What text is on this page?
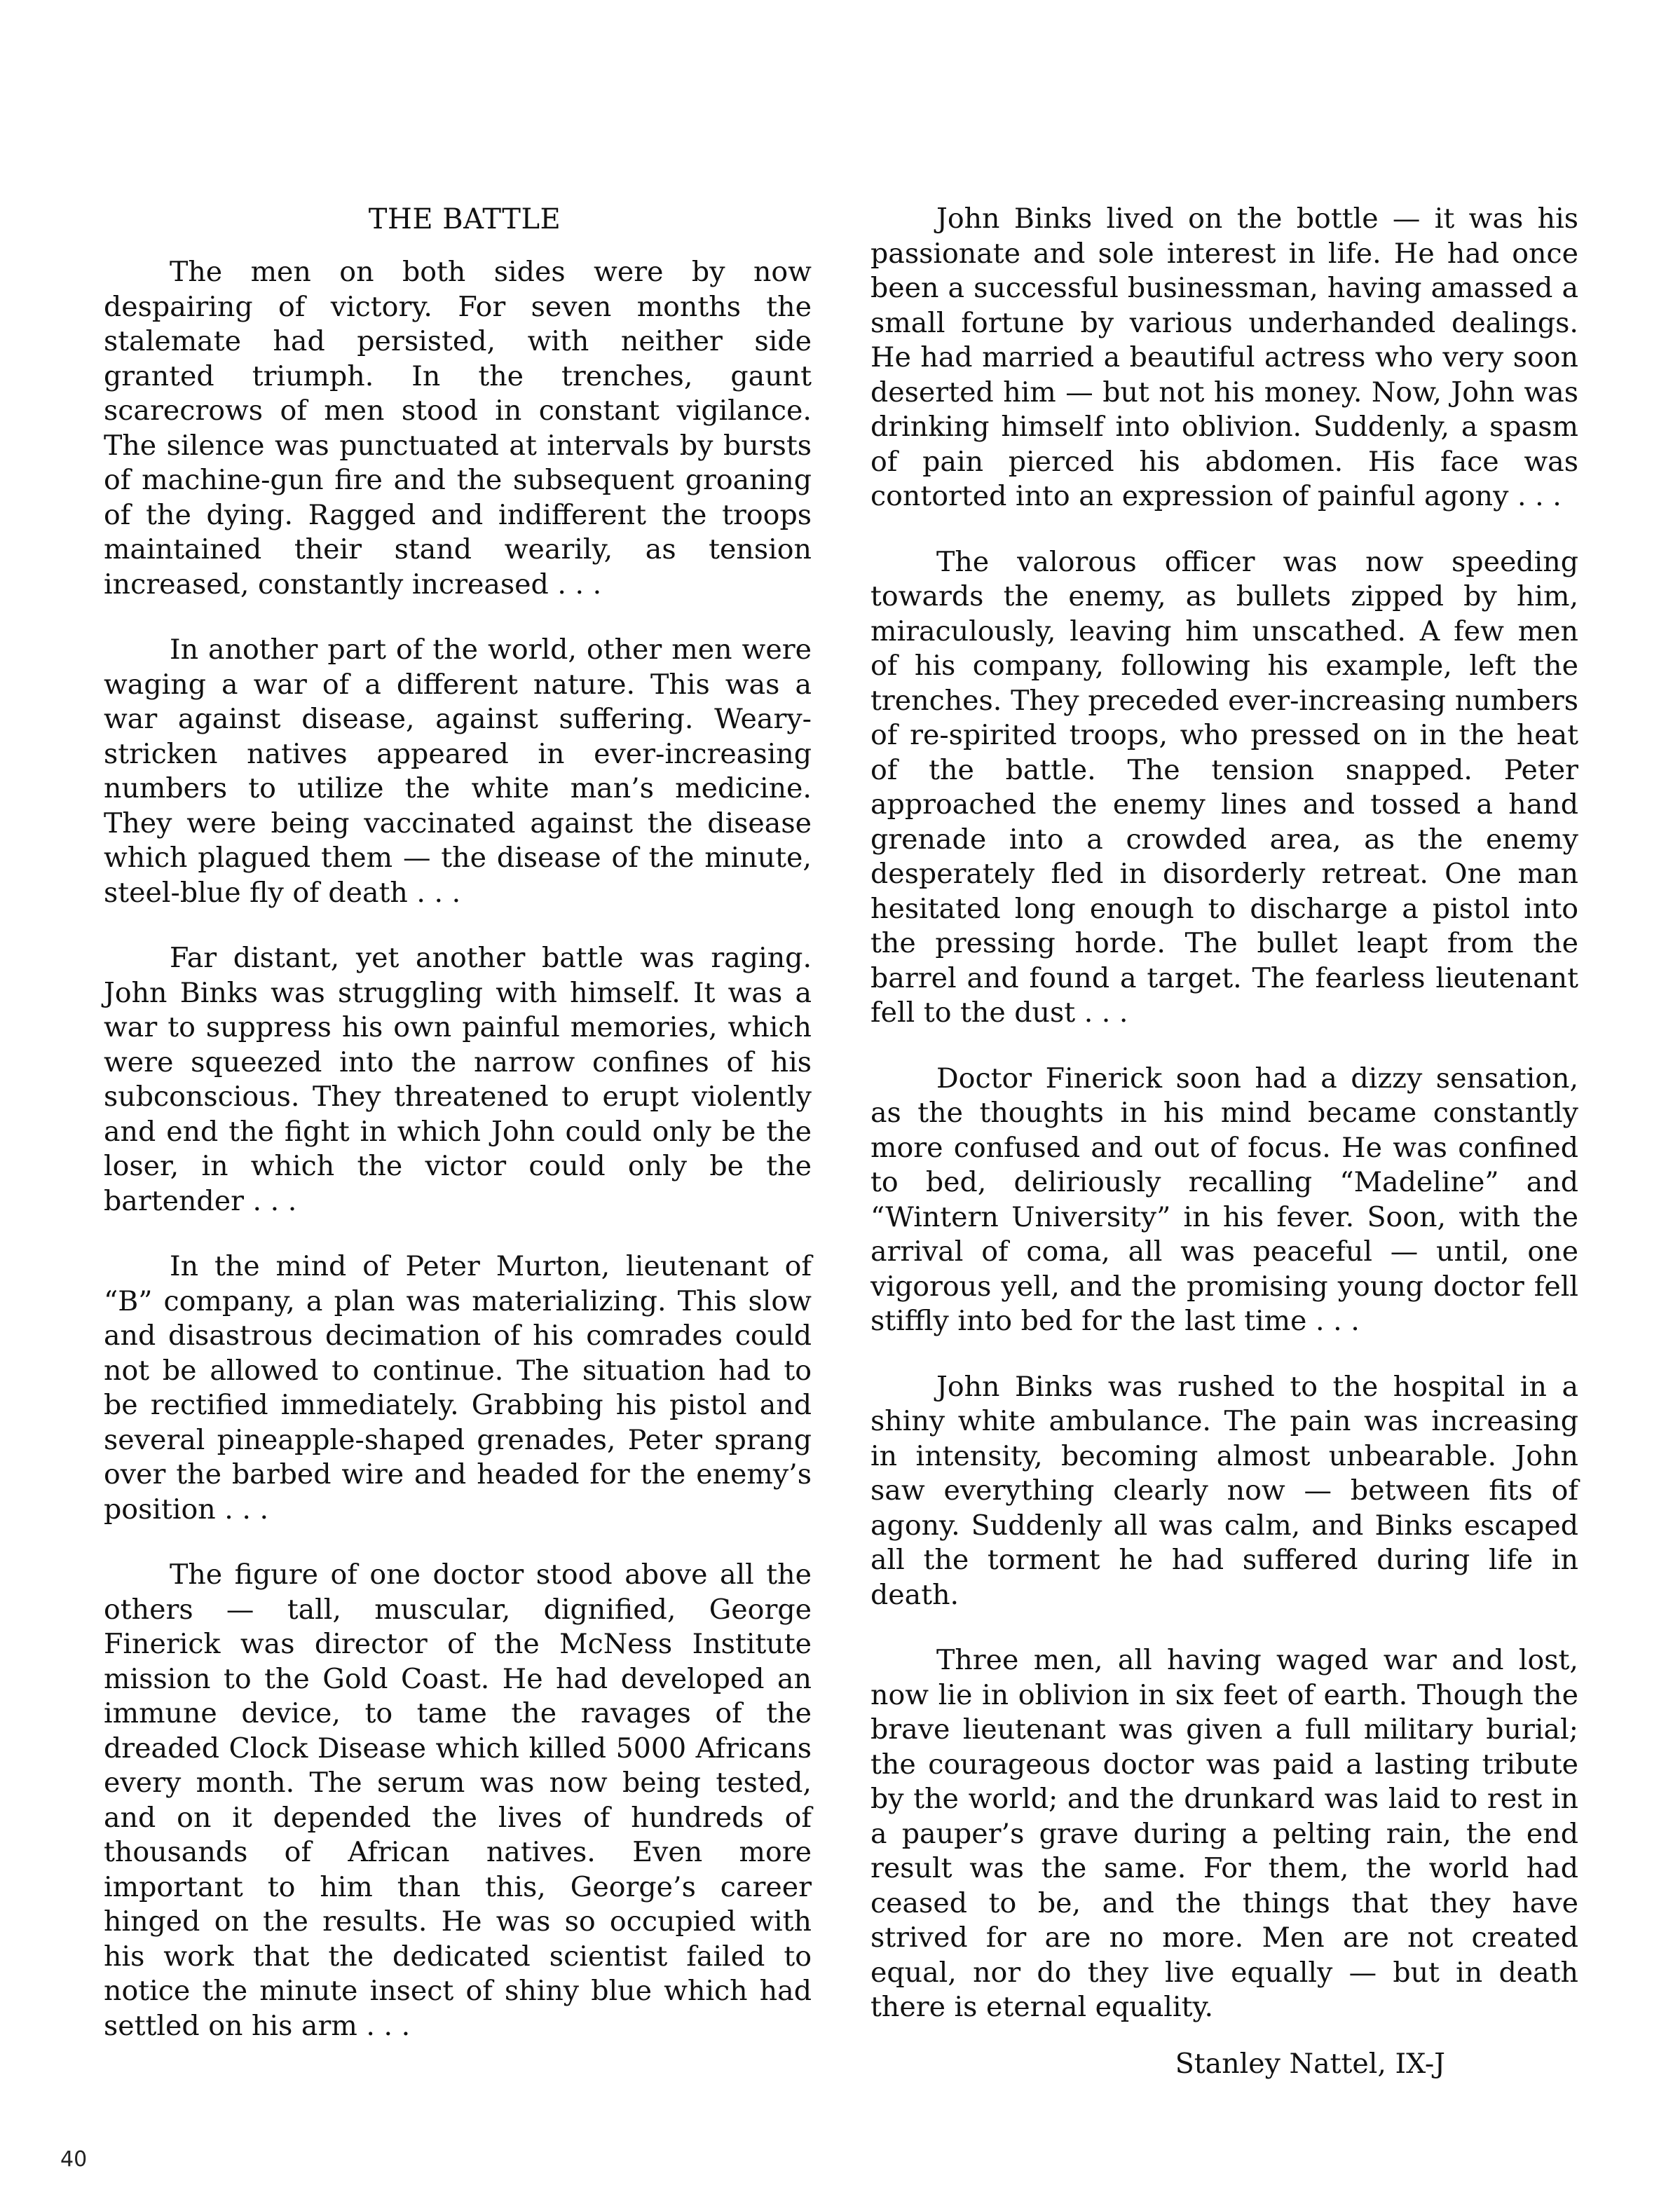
THE BATTLE

The men on both sides were by now despairing of victory. For seven months the stalemate had persisted, with neither side granted triumph. In the trenches, gaunt scarecrows of men stood in constant vigilance. The silence was punctuated at intervals by bursts of machine-gun fire and the subsequent groaning of the dying. Ragged and indifferent the troops maintained their stand wearily, as tension increased, constantly increased . . .

In another part of the world, other men were waging a war of a different nature. This was a war against disease, against suffering. Weary-stricken natives appeared in ever-increasing numbers to utilize the white man’s medicine. They were being vaccinated against the disease which plagued them — the disease of the minute, steel-blue fly of death . . .

Far distant, yet another battle was raging. John Binks was struggling with himself. It was a war to suppress his own painful memories, which were squeezed into the narrow confines of his subconscious. They threatened to erupt violently and end the fight in which John could only be the loser, in which the victor could only be the bartender . . .

In the mind of Peter Murton, lieutenant of “B” company, a plan was materializing. This slow and disastrous decimation of his comrades could not be allowed to continue. The situation had to be rectified immediately. Grabbing his pistol and several pineapple-shaped grenades, Peter sprang over the barbed wire and headed for the enemy’s position . . .

The figure of one doctor stood above all the others — tall, muscular, dignified, George Finerick was director of the McNess Institute mission to the Gold Coast. He had developed an immune device, to tame the ravages of the dreaded Clock Disease which killed 5000 Africans every month. The serum was now being tested, and on it depended the lives of hundreds of thousands of African natives. Even more important to him than this, George’s career hinged on the results. He was so occupied with his work that the dedicated scientist failed to notice the minute insect of shiny blue which had settled on his arm . . .

John Binks lived on the bottle — it was his passionate and sole interest in life. He had once been a successful businessman, having amassed a small fortune by various underhanded dealings. He had married a beautiful actress who very soon deserted him — but not his money. Now, John was drinking himself into oblivion. Suddenly, a spasm of pain pierced his abdomen. His face was contorted into an expression of painful agony . . .

The valorous officer was now speeding towards the enemy, as bullets zipped by him, miraculously, leaving him unscathed. A few men of his company, following his example, left the trenches. They preceded ever-increasing numbers of re-spirited troops, who pressed on in the heat of the battle. The tension snapped. Peter approached the enemy lines and tossed a hand grenade into a crowded area, as the enemy desperately fled in disorderly retreat. One man hesitated long enough to discharge a pistol into the pressing horde. The bullet leapt from the barrel and found a target. The fearless lieutenant fell to the dust . . .

Doctor Finerick soon had a dizzy sensation, as the thoughts in his mind became constantly more confused and out of focus. He was confined to bed, deliriously recalling “Madeline” and “Wintern University” in his fever. Soon, with the arrival of coma, all was peaceful — until, one vigorous yell, and the promising young doctor fell stiffly into bed for the last time . . .

John Binks was rushed to the hospital in a shiny white ambulance. The pain was increasing in intensity, becoming almost unbearable. John saw everything clearly now — between fits of agony. Suddenly all was calm, and Binks escaped all the torment he had suffered during life in death.

Three men, all having waged war and lost, now lie in oblivion in six feet of earth. Though the brave lieutenant was given a full military burial; the courageous doctor was paid a lasting tribute by the world; and the drunkard was laid to rest in a pauper’s grave during a pelting rain, the end result was the same. For them, the world had ceased to be, and the things that they have strived for are no more. Men are not created equal, nor do they live equally — but in death there is eternal equality.

Stanley Nattel, IX-J
40
